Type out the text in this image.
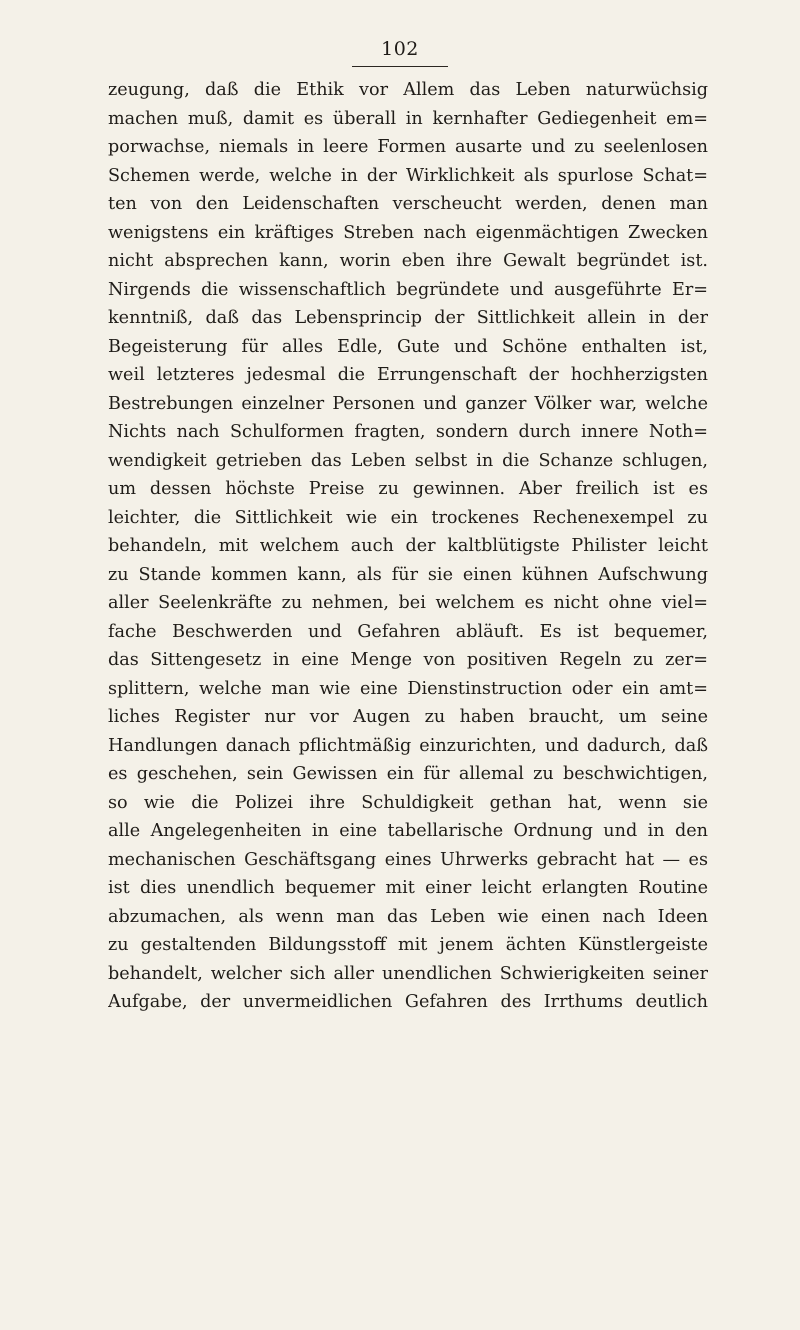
102
zeugung, daß die Ethik vor Allem das Leben naturwüchsig
machen muß, damit es überall in kernhafter Gediegenheit em=
porwachse, niemals in leere Formen ausarte und zu seelenlosen
Schemen werde, welche in der Wirklichkeit als spurlose Schat=
ten von den Leidenschaften verscheucht werden, denen man
wenigstens ein kräftiges Streben nach eigenmächtigen Zwecken
nicht absprechen kann, worin eben ihre Gewalt begründet ist.
Nirgends die wissenschaftlich begründete und ausgeführte Er=
kenntniß, daß das Lebensprincip der Sittlichkeit allein in der
Begeisterung für alles Edle, Gute und Schöne enthalten ist,
weil letzteres jedesmal die Errungenschaft der hochherzigsten
Bestrebungen einzelner Personen und ganzer Völker war, welche
Nichts nach Schulformen fragten, sondern durch innere Noth=
wendigkeit getrieben das Leben selbst in die Schanze schlugen,
um dessen höchste Preise zu gewinnen. Aber freilich ist es
leichter, die Sittlichkeit wie ein trockenes Rechenexempel zu
behandeln, mit welchem auch der kaltblütigste Philister leicht
zu Stande kommen kann, als für sie einen kühnen Aufschwung
aller Seelenkräfte zu nehmen, bei welchem es nicht ohne viel=
fache Beschwerden und Gefahren abläuft. Es ist bequemer,
das Sittengesetz in eine Menge von positiven Regeln zu zer=
splittern, welche man wie eine Dienstinstruction oder ein amt=
liches Register nur vor Augen zu haben braucht, um seine
Handlungen danach pflichtmäßig einzurichten, und dadurch, daß
es geschehen, sein Gewissen ein für allemal zu beschwichtigen,
so wie die Polizei ihre Schuldigkeit gethan hat, wenn sie
alle Angelegenheiten in eine tabellarische Ordnung und in den
mechanischen Geschäftsgang eines Uhrwerks gebracht hat — es
ist dies unendlich bequemer mit einer leicht erlangten Routine
abzumachen, als wenn man das Leben wie einen nach Ideen
zu gestaltenden Bildungsstoff mit jenem ächten Künstlergeiste
behandelt, welcher sich aller unendlichen Schwierigkeiten seiner
Aufgabe, der unvermeidlichen Gefahren des Irrthums deutlich
